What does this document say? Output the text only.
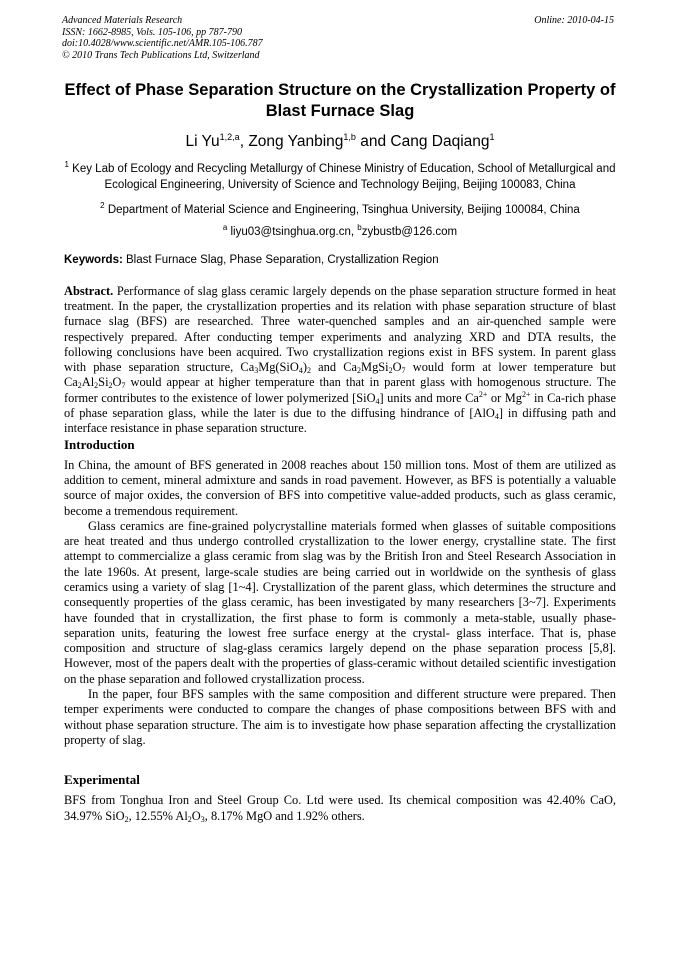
Advanced Materials Research
ISSN: 1662-8985, Vols. 105-106, pp 787-790
doi:10.4028/www.scientific.net/AMR.105-106.787
© 2010 Trans Tech Publications Ltd, Switzerland
Online: 2010-04-15
Effect of Phase Separation Structure on the Crystallization Property of Blast Furnace Slag
Li Yu$^{1,2,a}$, Zong Yanbing$^{1,b}$ and Cang Daqiang$^1$
$^1$ Key Lab of Ecology and Recycling Metallurgy of Chinese Ministry of Education, School of Metallurgical and Ecological Engineering, University of Science and Technology Beijing, Beijing 100083, China
$^2$ Department of Material Science and Engineering, Tsinghua University, Beijing 100084, China
$^a$ liyu03@tsinghua.org.cn, $^b$zybustb@126.com
Keywords: Blast Furnace Slag, Phase Separation, Crystallization Region

Abstract. Performance of slag glass ceramic largely depends on the phase separation structure formed in heat treatment. In the paper, the crystallization properties and its relation with phase separation structure of blast furnace slag (BFS) are researched. Three water-quenched samples and an air-quenched sample were respectively prepared. After conducting temper experiments and analyzing XRD and DTA results, the following conclusions have been acquired. Two crystallization regions exist in BFS system. In parent glass with phase separation structure, $Ca_3Mg(SiO_4)_2$ and $Ca_2MgSi_2O_7$ would form at lower temperature but $Ca_2Al_2Si_2O_7$ would appear at higher temperature than that in parent glass with homogenous structure. The former contributes to the existence of lower polymerized [SiO$_4$] units and more $Ca^{2+}$ or $Mg^{2+}$ in Ca-rich phase of phase separation glass, while the later is due to the diffusing hindrance of [AlO$_4$] in diffusing path and interface resistance in phase separation structure.

Introduction

In China, the amount of BFS generated in 2008 reaches about 150 million tons. Most of them are utilized as addition to cement, mineral admixture and sands in road pavement. However, as BFS is potentially a valuable source of major oxides, the conversion of BFS into competitive value-added products, such as glass ceramic, become a tremendous requirement.

Glass ceramics are fine-grained polycrystalline materials formed when glasses of suitable compositions are heat treated and thus undergo controlled crystallization to the lower energy, crystalline state. The first attempt to commercialize a glass ceramic from slag was by the British Iron and Steel Research Association in the late 1960s. At present, large-scale studies are being carried out in worldwide on the synthesis of glass ceramics using a variety of slag [1~4]. Crystallization of the parent glass, which determines the structure and consequently properties of the glass ceramic, has been investigated by many researchers [3~7]. Experiments have founded that in crystallization, the first phase to form is commonly a meta-stable, usually phase-separation units, featuring the lowest free surface energy at the crystal- glass interface. That is, phase composition and structure of slag-glass ceramics largely depend on the phase separation process [5,8]. However, most of the papers dealt with the properties of glass-ceramic without detailed scientific investigation on the phase separation and followed crystallization process.

In the paper, four BFS samples with the same composition and different structure were prepared. Then temper experiments were conducted to compare the changes of phase compositions between BFS with and without phase separation structure. The aim is to investigate how phase separation affecting the crystallization property of slag.

Experimental

BFS from Tonghua Iron and Steel Group Co. Ltd were used. Its chemical composition was 42.40% CaO, 34.97% SiO$_2$, 12.55% $Al_2O_3$, 8.17% MgO and 1.92% others.
